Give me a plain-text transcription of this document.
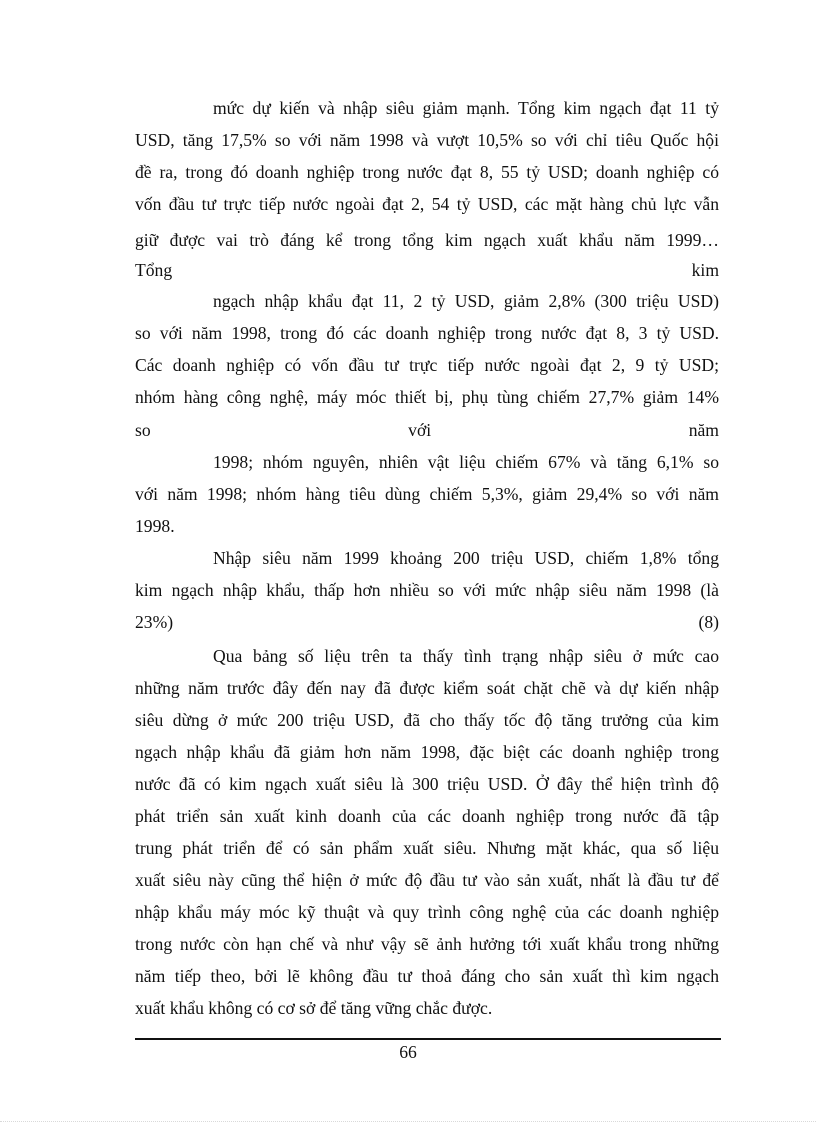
mức dự kiến và nhập siêu giảm mạnh. Tổng kim ngạch đạt 11 tỷ
USD, tăng 17,5% so với năm 1998 và vượt 10,5% so với chỉ tiêu Quốc hội
đề ra, trong đó doanh nghiệp trong nước đạt 8, 55 tỷ USD; doanh nghiệp có
vốn đầu tư trực tiếp nước ngoài đạt 2, 54 tỷ USD, các mặt hàng chủ lực vẫn
giữ được vai trò đáng kể trong tổng kim ngạch xuất khẩu năm 1999…
Tổng kim
ngạch nhập khẩu đạt 11, 2 tỷ USD, giảm 2,8% (300 triệu USD)
so với năm 1998, trong đó các doanh nghiệp trong nước đạt 8, 3 tỷ USD.
Các doanh nghiệp có vốn đầu tư trực tiếp nước ngoài đạt 2, 9 tỷ USD;
nhóm hàng công nghệ, máy móc thiết bị, phụ tùng chiếm 27,7% giảm 14%
so với năm
1998; nhóm nguyên, nhiên vật liệu chiếm 67% và tăng 6,1% so
với năm 1998; nhóm hàng tiêu dùng chiếm 5,3%, giảm 29,4% so với năm
1998.
Nhập siêu năm 1999 khoảng 200 triệu USD, chiếm 1,8% tổng
kim ngạch nhập khẩu, thấp hơn nhiều so với mức nhập siêu năm 1998 (là
23%) (8)
Qua bảng số liệu trên ta thấy tình trạng nhập siêu ở mức cao
những năm trước đây đến nay đã được kiểm soát chặt chẽ và dự kiến nhập
siêu dừng ở mức 200 triệu USD, đã cho thấy tốc độ tăng trưởng của kim
ngạch nhập khẩu đã giảm hơn năm 1998, đặc biệt các doanh nghiệp trong
nước đã có kim ngạch xuất siêu là 300 triệu USD. Ở đây thể hiện trình độ
phát triển sản xuất kinh doanh của các doanh nghiệp trong nước đã tập
trung phát triển để có sản phẩm xuất siêu. Nhưng mặt khác, qua số liệu
xuất siêu này cũng thể hiện ở mức độ đầu tư vào sản xuất, nhất là đầu tư để
nhập khẩu máy móc kỹ thuật và quy trình công nghệ của các doanh nghiệp
trong nước còn hạn chế và như vậy sẽ ảnh hưởng tới xuất khẩu trong những
năm tiếp theo, bởi lẽ không đầu tư thoả đáng cho sản xuất thì kim ngạch
xuất khẩu không có cơ sở để tăng vững chắc được.
66
